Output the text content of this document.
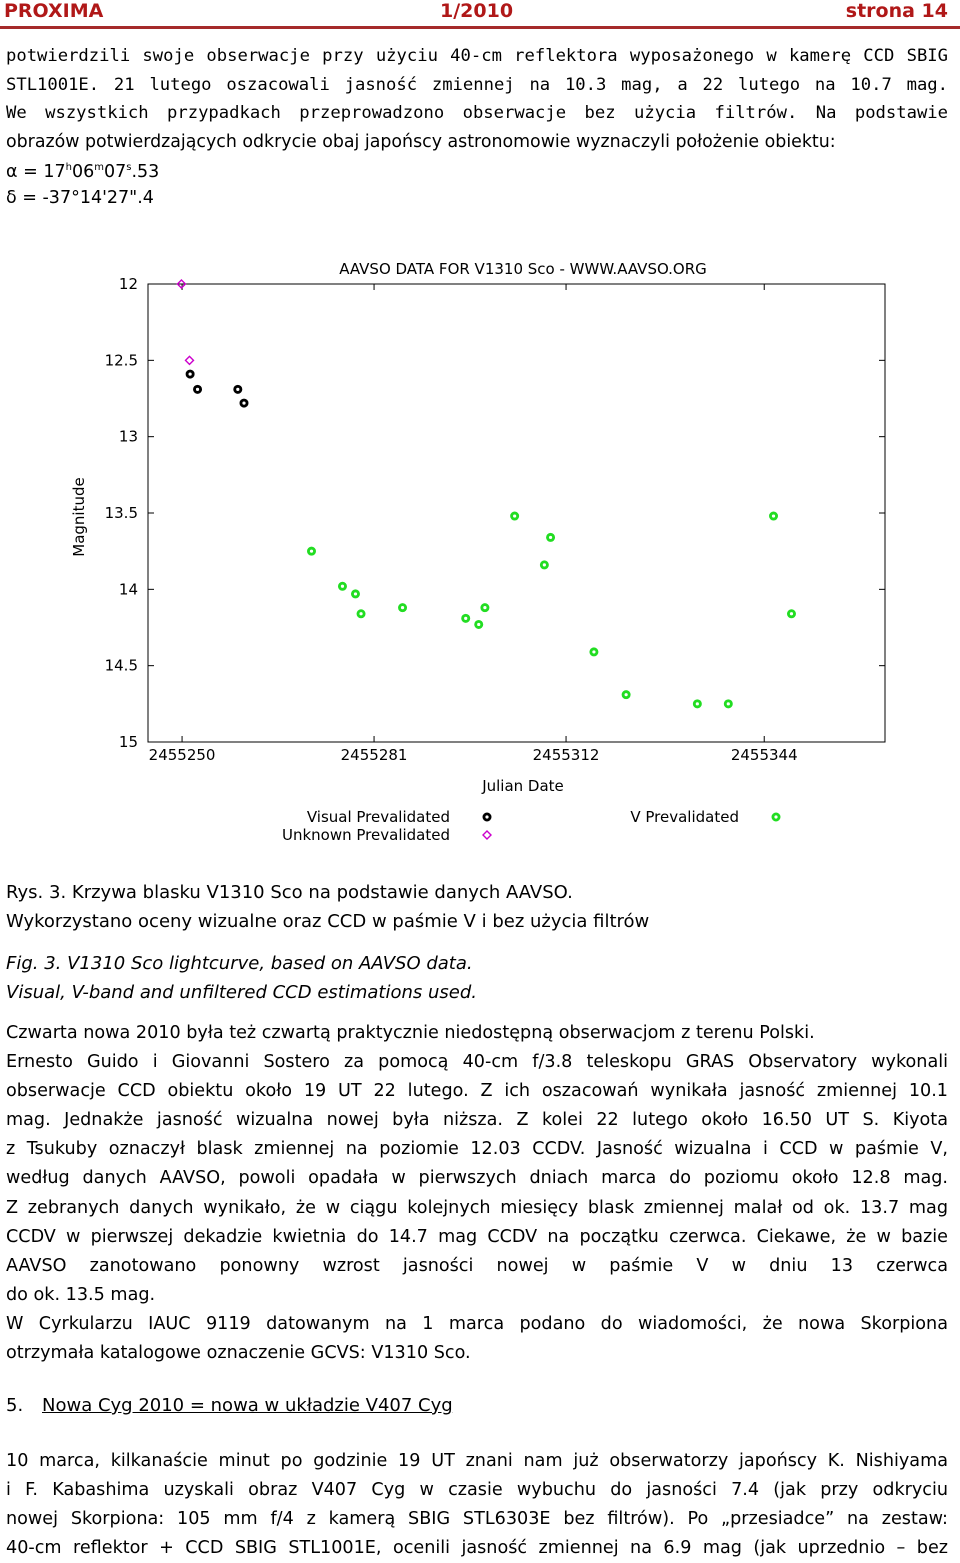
PROXIMA	1/2010	strona 14
potwierdzili swoje obserwacje przy użyciu 40-cm reflektora wyposażonego w kamerę CCD SBIG
STL1001E. 21 lutego oszacowali jasność zmiennej na 10.3 mag, a 22 lutego na 10.7 mag.
We wszystkich przypadkach przeprowadzono obserwacje bez użycia filtrów. Na podstawie
obrazów potwierdzających odkrycie obaj japońscy astronomowie wyznaczyli położenie obiektu:
$\alpha = 17^h06^m07^s.53$
δ = -37°14'27".4
AAVSO DATA FOR V1310 Sco - WWW.AAVSO.ORG
12
12.5
13
13.5
14
14.5
15
2455250	2455281	2455312	2455344
Julian Date
Magnitude
Visual Prevalidated
Unknown Prevalidated
V Prevalidated
Rys. 3. Krzywa blasku V1310 Sco na podstawie danych AAVSO.
Wykorzystano oceny wizualne oraz CCD w paśmie V i bez użycia filtrów
Fig. 3. V1310 Sco lightcurve, based on AAVSO data.
Visual, V-band and unfiltered CCD estimations used.
Czwarta nowa 2010 była też czwartą praktycznie niedostępną obserwacjom z terenu Polski.
Ernesto Guido i Giovanni Sostero za pomocą 40-cm f/3.8 teleskopu GRAS Observatory wykonali
obserwacje CCD obiektu około 19 UT 22 lutego. Z ich oszacowań wynikała jasność zmiennej 10.1
mag. Jednakże jasność wizualna nowej była niższa. Z kolei 22 lutego około 16.50 UT S. Kiyota
z Tsukuby oznaczył blask zmiennej na poziomie 12.03 CCDV. Jasność wizualna i CCD w paśmie V,
według danych AAVSO, powoli opadała w pierwszych dniach marca do poziomu około 12.8 mag.
Z zebranych danych wynikało, że w ciągu kolejnych miesięcy blask zmiennej malał od ok. 13.7 mag
CCDV w pierwszej dekadzie kwietnia do 14.7 mag CCDV na początku czerwca. Ciekawe, że w bazie
AAVSO zanotowano ponowny wzrost jasności nowej w paśmie V w dniu 13 czerwca
do ok. 13.5 mag.
W Cyrkularzu IAUC 9119 datowanym na 1 marca podano do wiadomości, że nowa Skorpiona
otrzymała katalogowe oznaczenie GCVS: V1310 Sco.
5. Nowa Cyg 2010 = nowa w układzie V407 Cyg
10 marca, kilkanaście minut po godzinie 19 UT znani nam już obserwatorzy japońscy K. Nishiyama
i F. Kabashima uzyskali obraz V407 Cyg w czasie wybuchu do jasności 7.4 (jak przy odkryciu
nowej Skorpiona: 105 mm f/4 z kamerą SBIG STL6303E bez filtrów). Po „przesiadce” na zestaw:
40-cm reflektor + CCD SBIG STL1001E, ocenili jasność zmiennej na 6.9 mag (jak uprzednio – bez
